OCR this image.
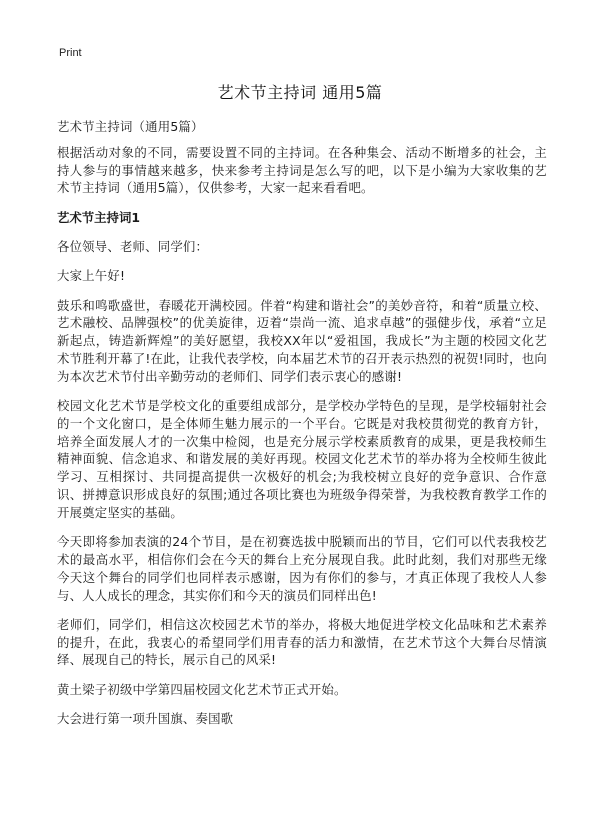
Print
艺术节主持词 通用5篇

艺术节主持词（通用5篇）

根据活动对象的不同，需要设置不同的主持词。在各种集会、活动不断增多的社会，主持人参与的事情越来越多，快来参考主持词是怎么写的吧，以下是小编为大家收集的艺术节主持词（通用5篇），仅供参考，大家一起来看看吧。

艺术节主持词1

各位领导、老师、同学们：

大家上午好!

鼓乐和鸣歌盛世，春暖花开满校园。伴着“构建和谐社会”的美妙音符，和着“质量立校、艺术融校、品牌强校”的优美旋律，迈着“崇尚一流、追求卓越”的强健步伐，承着“立足新起点，铸造新辉煌”的美好愿望，我校XX年以“爱祖国，我成长”为主题的校园文化艺术节胜利开幕了!在此，让我代表学校，向本届艺术节的召开表示热烈的祝贺!同时，也向为本次艺术节付出辛勤劳动的老师们、同学们表示衷心的感谢!

校园文化艺术节是学校文化的重要组成部分，是学校办学特色的呈现，是学校辐射社会的一个文化窗口，是全体师生魅力展示的一个平台。它既是对我校贯彻党的教育方针，培养全面发展人才的一次集中检阅，也是充分展示学校素质教育的成果，更是我校师生精神面貌、信念追求、和谐发展的美好再现。校园文化艺术节的举办将为全校师生彼此学习、互相探讨、共同提高提供一次极好的机会;为我校树立良好的竞争意识、合作意识、拼搏意识形成良好的氛围;通过各项比赛也为班级争得荣誉，为我校教育教学工作的开展奠定坚实的基础。

今天即将参加表演的24个节目，是在初赛选拔中脱颖而出的节目，它们可以代表我校艺术的最高水平，相信你们会在今天的舞台上充分展现自我。此时此刻，我们对那些无缘今天这个舞台的同学们也同样表示感谢，因为有你们的参与，才真正体现了我校人人参与、人人成长的理念，其实你们和今天的演员们同样出色!

老师们，同学们，相信这次校园艺术节的举办，将极大地促进学校文化品味和艺术素养的提升，在此，我衷心的希望同学们用青春的活力和激情，在艺术节这个大舞台尽情演绎、展现自己的特长，展示自己的风采!

黄土梁子初级中学第四届校园文化艺术节正式开始。

大会进行第一项升国旗、奏国歌
